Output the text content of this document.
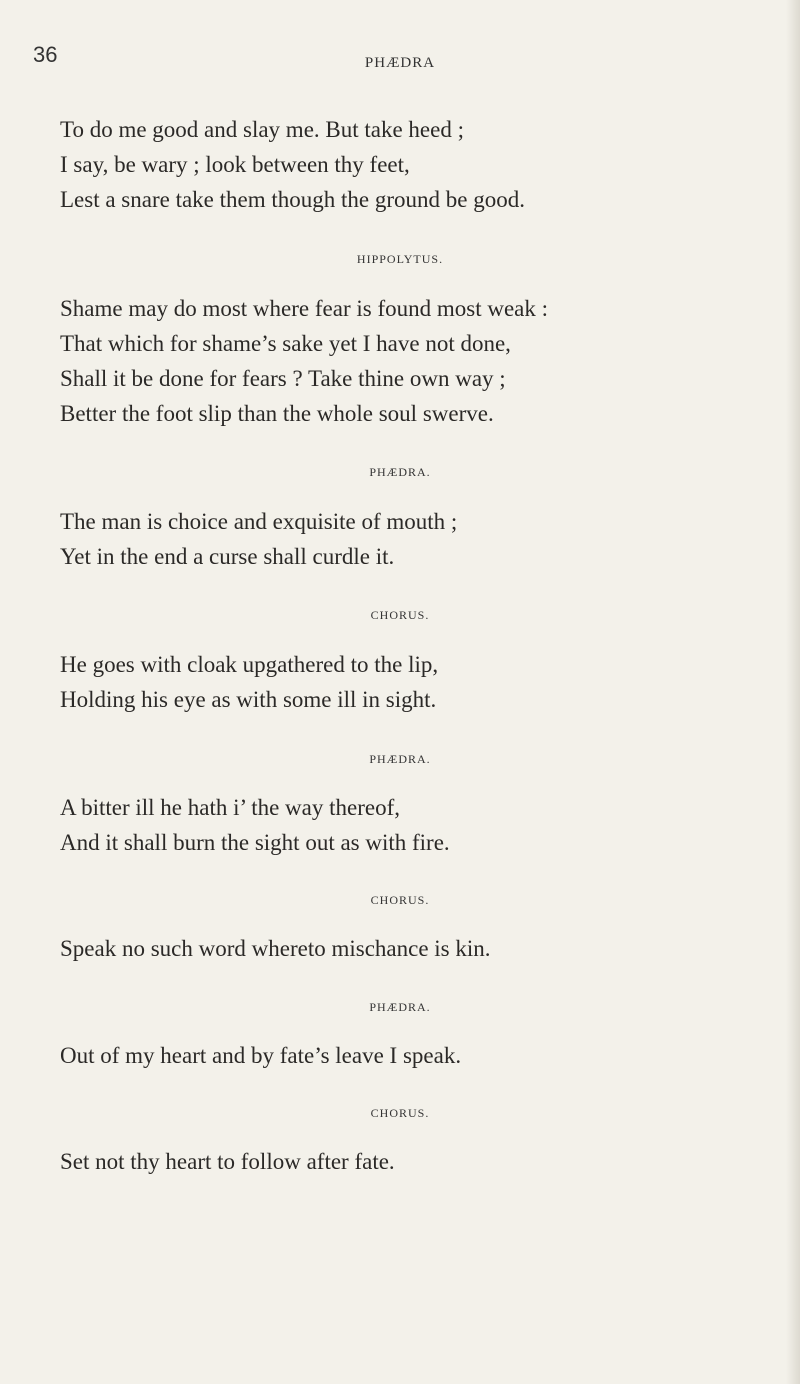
36	PHÆDRA
To do me good and slay me. But take heed ;
I say, be wary ; look between thy feet,
Lest a snare take them though the ground be good.
HIPPOLYTUS.
Shame may do most where fear is found most weak :
That which for shame’s sake yet I have not done,
Shall it be done for fears ? Take thine own way ;
Better the foot slip than the whole soul swerve.
PHÆDRA.
The man is choice and exquisite of mouth ;
Yet in the end a curse shall curdle it.
CHORUS.
He goes with cloak upgathered to the lip,
Holding his eye as with some ill in sight.
PHÆDRA.
A bitter ill he hath i’ the way thereof,
And it shall burn the sight out as with fire.
CHORUS.
Speak no such word whereto mischance is kin.
PHÆDRA.
Out of my heart and by fate’s leave I speak.
CHORUS.
Set not thy heart to follow after fate.
